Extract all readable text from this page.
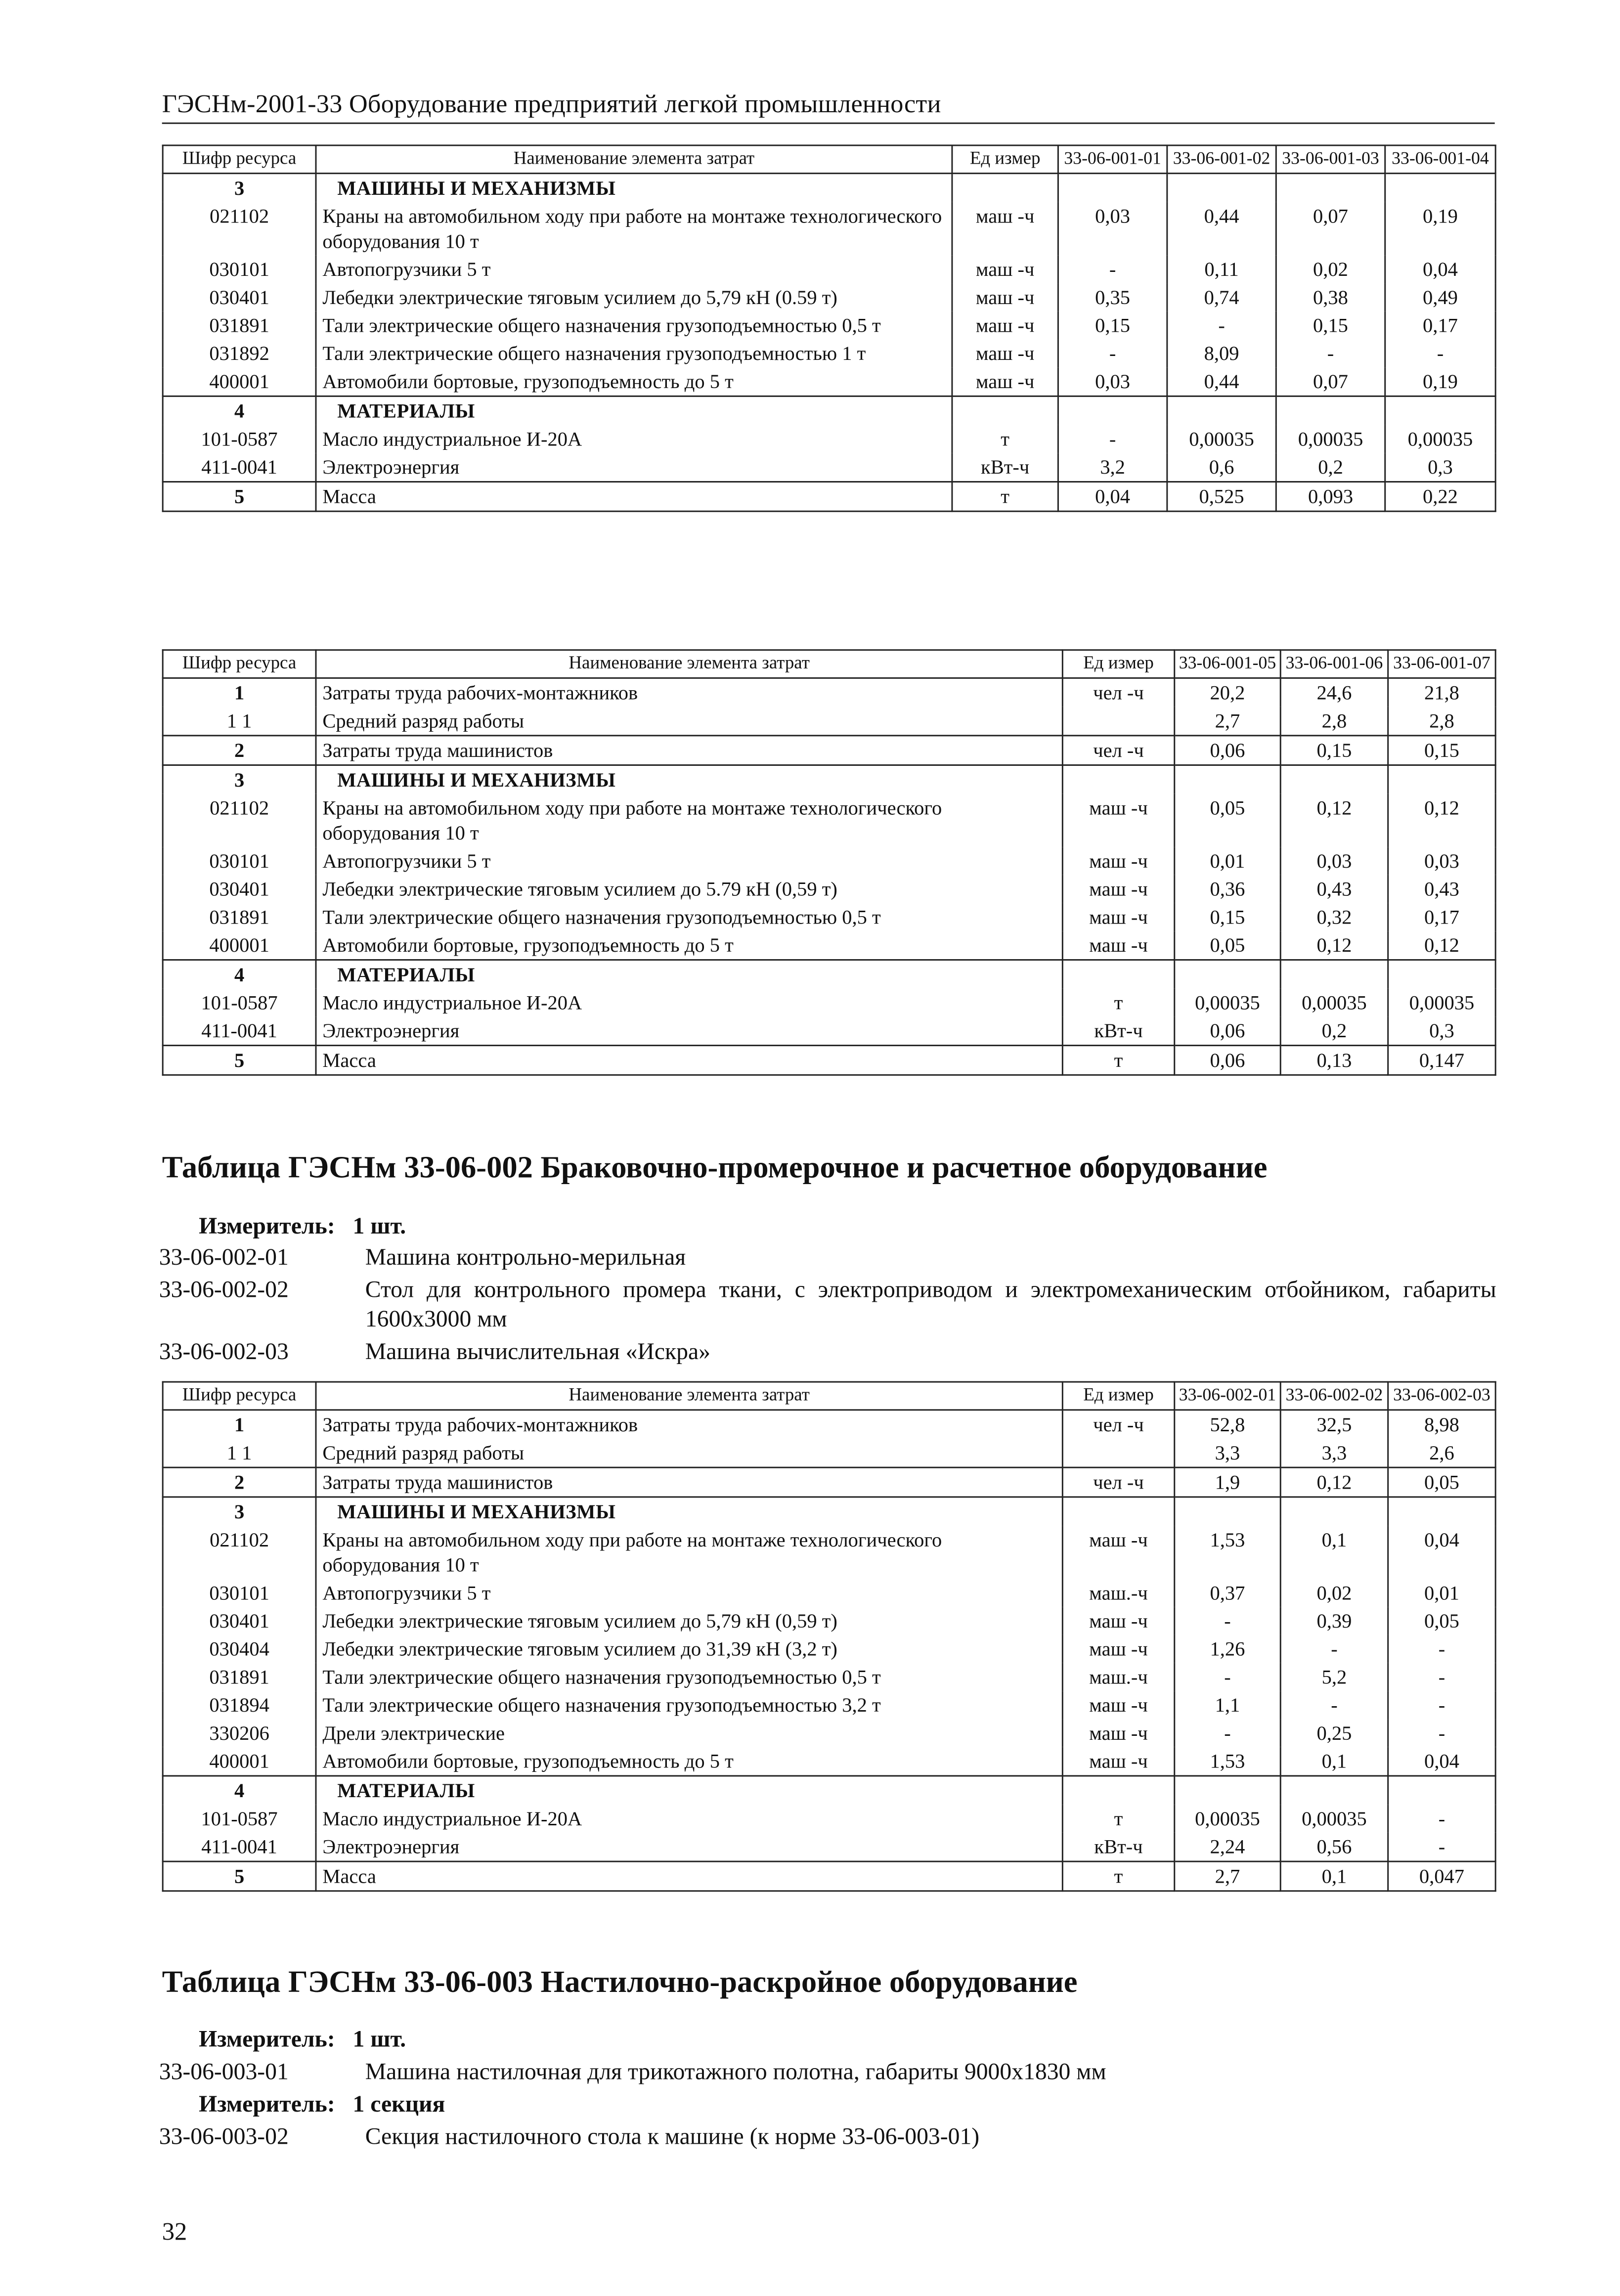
ГЭСНм-2001-33 Оборудование предприятий легкой промышленности
Шифр ресурса	Наименование элемента затрат	Ед измер	33-06-001-01	33-06-001-02	33-06-001-03	33-06-001-04
3	МАШИНЫ И МЕХАНИЗМЫ					
021102	Краны на автомобильном ходу при работе на монтаже технологического оборудования 10 т	маш -ч	0,03	0,44	0,07	0,19
030101	Автопогрузчики 5 т	маш -ч	-	0,11	0,02	0,04
030401	Лебедки электрические тяговым усилием до 5,79 кН (0.59 т)	маш -ч	0,35	0,74	0,38	0,49
031891	Тали электрические общего назначения грузоподъемностью 0,5 т	маш -ч	0,15	-	0,15	0,17
031892	Тали электрические общего назначения грузоподъемностью 1 т	маш -ч	-	8,09	-	-
400001	Автомобили бортовые, грузоподъемность до 5 т	маш -ч	0,03	0,44	0,07	0,19
4	МАТЕРИАЛЫ					
101-0587	Масло индустриальное И-20А	т	-	0,00035	0,00035	0,00035
411-0041	Электроэнергия	кВт-ч	3,2	0,6	0,2	0,3
5	Масса	т	0,04	0,525	0,093	0,22
Шифр ресурса	Наименование элемента затрат	Ед измер	33-06-001-05	33-06-001-06	33-06-001-07
1	Затраты труда рабочих-монтажников	чел -ч	20,2	24,6	21,8
1 1	Средний разряд работы		2,7	2,8	2,8
2	Затраты труда машинистов	чел -ч	0,06	0,15	0,15
3	МАШИНЫ И МЕХАНИЗМЫ				
021102	Краны на автомобильном ходу при работе на монтаже технологического оборудования 10 т	маш -ч	0,05	0,12	0,12
030101	Автопогрузчики 5 т	маш -ч	0,01	0,03	0,03
030401	Лебедки электрические тяговым усилием до 5.79 кН (0,59 т)	маш -ч	0,36	0,43	0,43
031891	Тали электрические общего назначения грузоподъемностью 0,5 т	маш -ч	0,15	0,32	0,17
400001	Автомобили бортовые, грузоподъемность до 5 т	маш -ч	0,05	0,12	0,12
4	МАТЕРИАЛЫ				
101-0587	Масло индустриальное И-20А	т	0,00035	0,00035	0,00035
411-0041	Электроэнергия	кВт-ч	0,06	0,2	0,3
5	Масса	т	0,06	0,13	0,147
Таблица ГЭСНм 33-06-002 Браковочно-промерочное и расчетное оборудование
Измеритель: 1 шт.
33-06-002-01	Машина контрольно-мерильная
33-06-002-02	Стол для контрольного промера ткани, с электроприводом и электромеханическим отбойником, габариты 1600х3000 мм
33-06-002-03	Машина вычислительная «Искра»
Шифр ресурса	Наименование элемента затрат	Ед измер	33-06-002-01	33-06-002-02	33-06-002-03
1	Затраты труда рабочих-монтажников	чел -ч	52,8	32,5	8,98
1 1	Средний разряд работы		3,3	3,3	2,6
2	Затраты труда машинистов	чел -ч	1,9	0,12	0,05
3	МАШИНЫ И МЕХАНИЗМЫ				
021102	Краны на автомобильном ходу при работе на монтаже технологического оборудования 10 т	маш -ч	1,53	0,1	0,04
030101	Автопогрузчики 5 т	маш.-ч	0,37	0,02	0,01
030401	Лебедки электрические тяговым усилием до 5,79 кН (0,59 т)	маш -ч	-	0,39	0,05
030404	Лебедки электрические тяговым усилием до 31,39 кН (3,2 т)	маш -ч	1,26	-	-
031891	Тали электрические общего назначения грузоподъемностью 0,5 т	маш.-ч	-	5,2	-
031894	Тали электрические общего назначения грузоподъемностью 3,2 т	маш -ч	1,1	-	-
330206	Дрели электрические	маш -ч	-	0,25	-
400001	Автомобили бортовые, грузоподъемность до 5 т	маш -ч	1,53	0,1	0,04
4	МАТЕРИАЛЫ				
101-0587	Масло индустриальное И-20А	т	0,00035	0,00035	-
411-0041	Электроэнергия	кВт-ч	2,24	0,56	-
5	Масса	т	2,7	0,1	0,047
Таблица ГЭСНм 33-06-003 Настилочно-раскройное оборудование
Измеритель: 1 шт.
33-06-003-01	Машина настилочная для трикотажного полотна, габариты 9000х1830 мм
Измеритель: 1 секция
33-06-003-02	Секция настилочного стола к машине (к норме 33-06-003-01)
32
